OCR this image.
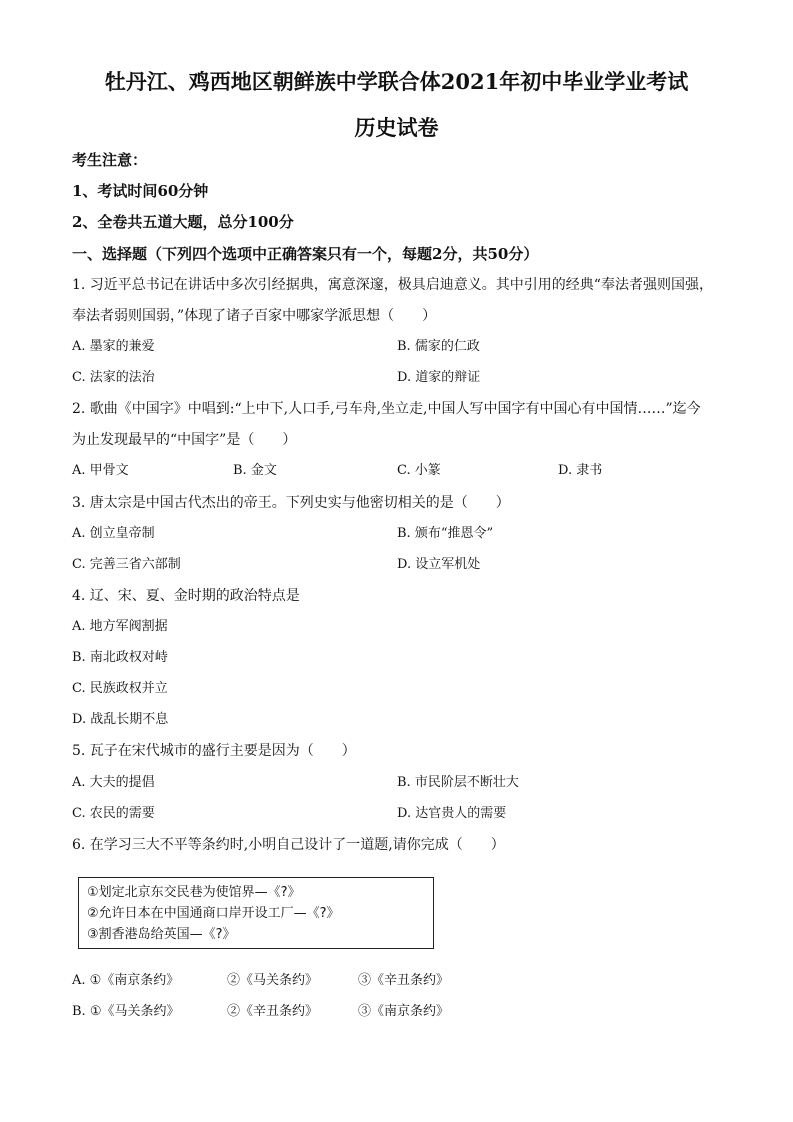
牡丹江、鸡西地区朝鲜族中学联合体2021年初中毕业学业考试
历史试卷
考生注意：
1、考试时间60分钟
2、全卷共五道大题，总分100分
一、选择题（下列四个选项中正确答案只有一个，每题2分，共50分）
1. 习近平总书记在讲话中多次引经据典，寓意深邃，极具启迪意义。其中引用的经典“奉法者强则国强，
奉法者弱则国弱，”体现了诸子百家中哪家学派思想（　　）
A. 墨家的兼爱	B. 儒家的仁政
C. 法家的法治	D. 道家的辩证
2. 歌曲《中国字》中唱到:“上中下,人口手,弓车舟,坐立走,中国人写中国字有中国心有中国情……”迄今
为止发现最早的“中国字”是（　　）
A. 甲骨文	B. 金文	C. 小篆	D. 隶书
3. 唐太宗是中国古代杰出的帝王。下列史实与他密切相关的是（　　）
A. 创立皇帝制	B. 颁布“推恩令”
C. 完善三省六部制	D. 设立军机处
4. 辽、宋、夏、金时期的政治特点是
A. 地方军阀割据
B. 南北政权对峙
C. 民族政权并立
D. 战乱长期不息
5. 瓦子在宋代城市的盛行主要是因为（　　）
A. 大夫的提倡	B. 市民阶层不断壮大
C. 农民的需要	D. 达官贵人的需要
6. 在学习三大不平等条约时,小明自己设计了一道题,请你完成（　　）
①划定北京东交民巷为使馆界—《?》
②允许日本在中国通商口岸开设工厂—《?》
③割香港岛给英国—《?》
A. ①《南京条约》	②《马关条约》	③《辛丑条约》
B. ①《马关条约》	②《辛丑条约》	③《南京条约》
